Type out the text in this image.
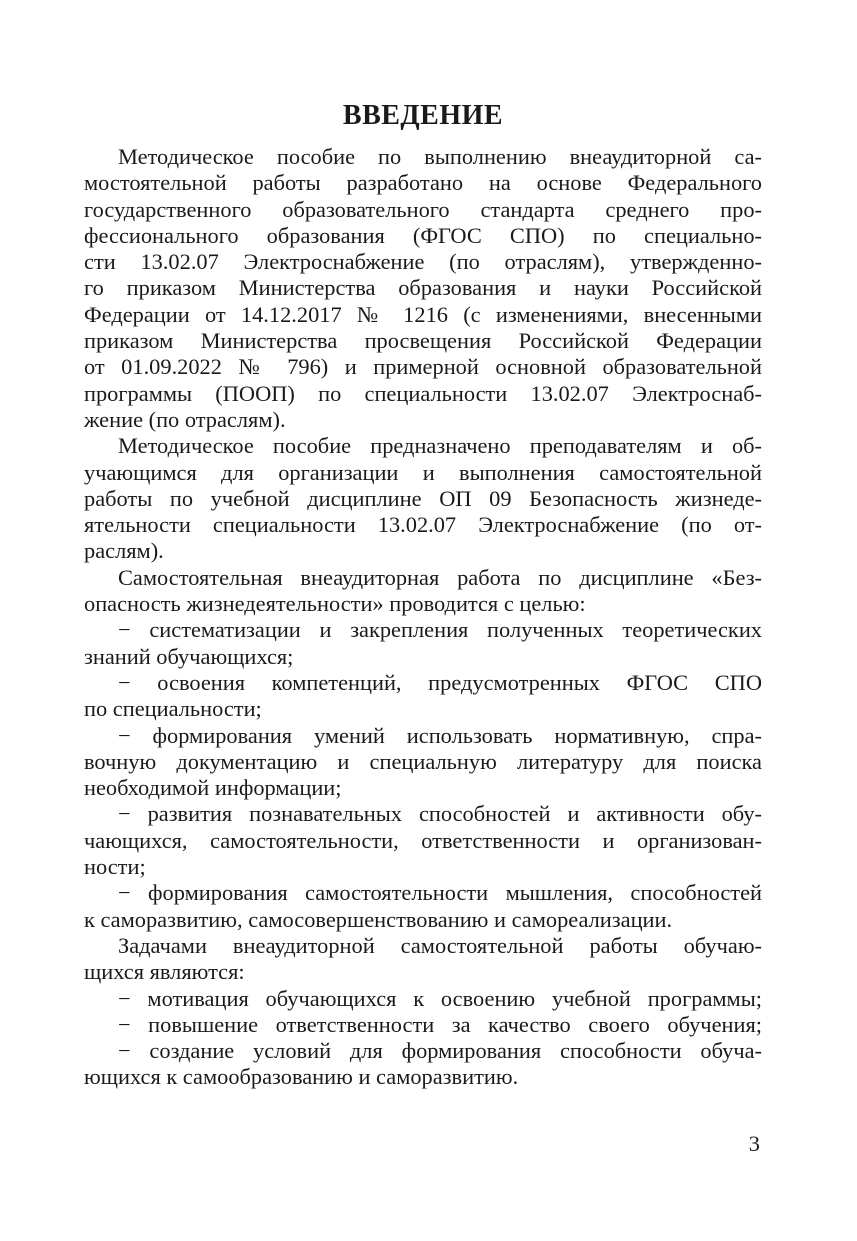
ВВЕДЕНИЕ

Методическое пособие по выполнению внеаудиторной са-
мостоятельной работы разработано на основе Федерального
государственного образовательного стандарта среднего про-
фессионального образования (ФГОС СПО) по специально-
сти 13.02.07 Электроснабжение (по отраслям), утвержденно-
го приказом Министерства образования и науки Российской
Федерации от 14.12.2017 № 1216 (с изменениями, внесенными
приказом Министерства просвещения Российской Федерации
от 01.09.2022 № 796) и примерной основной образовательной
программы (ПООП) по специальности 13.02.07 Электроснаб-
жение (по отраслям).

Методическое пособие предназначено преподавателям и об-
учающимся для организации и выполнения самостоятельной
работы по учебной дисциплине ОП 09 Безопасность жизнеде-
ятельности специальности 13.02.07 Электроснабжение (по от-
раслям).

Самостоятельная внеаудиторная работа по дисциплине «Без-
опасность жизнедеятельности» проводится с целью:

− систематизации и закрепления полученных теоретических
знаний обучающихся;

− освоения компетенций, предусмотренных ФГОС СПО
по специальности;

− формирования умений использовать нормативную, спра-
вочную документацию и специальную литературу для поиска
необходимой информации;

− развития познавательных способностей и активности обу-
чающихся, самостоятельности, ответственности и организован-
ности;

− формирования самостоятельности мышления, способностей
к саморазвитию, самосовершенствованию и самореализации.

Задачами внеаудиторной самостоятельной работы обучаю-
щихся являются:

− мотивация обучающихся к освоению учебной программы;

− повышение ответственности за качество своего обучения;

− создание условий для формирования способности обуча-
ющихся к самообразованию и саморазвитию.

3
